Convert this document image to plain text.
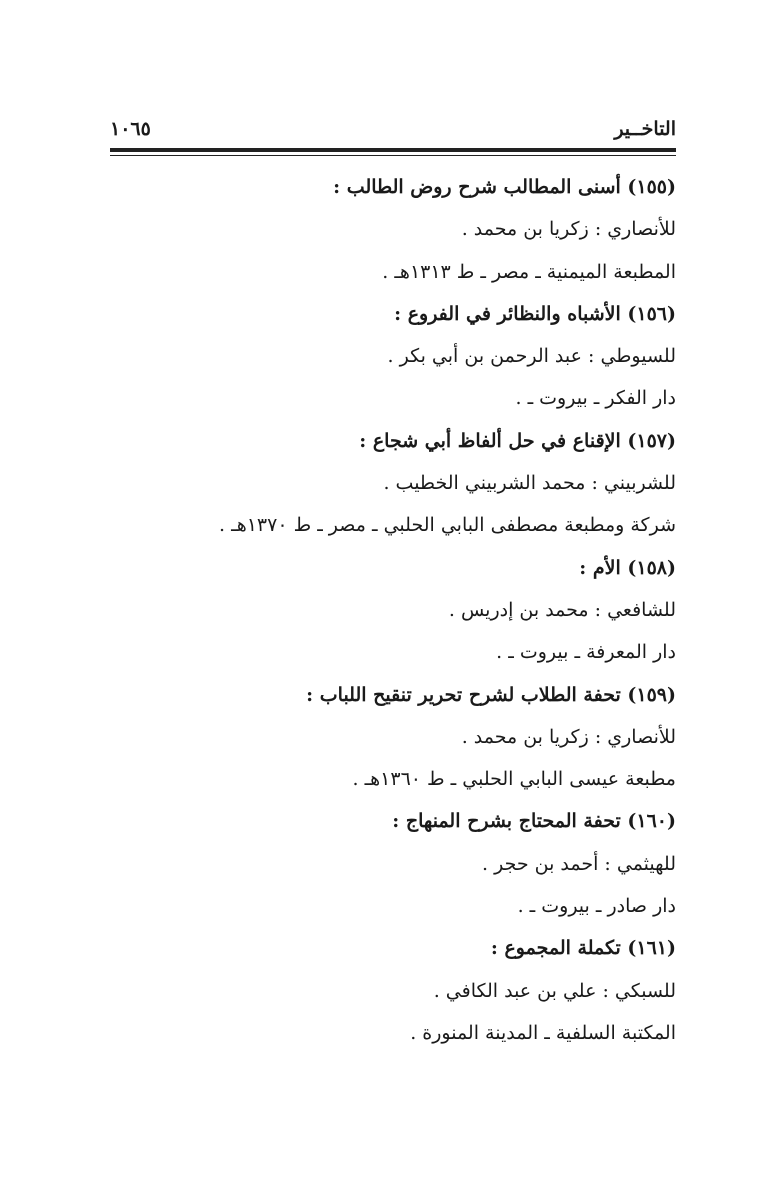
١٠٦٥	التاخــير
(١٥٥) أسنى المطالب شرح روض الطالب :
للأنصاري : زكريا بن محمد .
المطبعة الميمنية ـ مصر ـ ط ١٣١٣هـ .
(١٥٦) الأشباه والنظائر في الفروع :
للسيوطي : عبد الرحمن بن أبي بكر .
دار الفكر ـ بيروت ـ .
(١٥٧) الإقناع في حل ألفاظ أبي شجاع :
للشربيني : محمد الشربيني الخطيب .
شركة ومطبعة مصطفى البابي الحلبي ـ مصر ـ ط ١٣٧٠هـ .
(١٥٨) الأم :
للشافعي : محمد بن إدريس .
دار المعرفة ـ بيروت ـ .
(١٥٩) تحفة الطلاب لشرح تحرير تنقيح اللباب :
للأنصاري : زكريا بن محمد .
مطبعة عيسى البابي الحلبي ـ ط ١٣٦٠هـ .
(١٦٠) تحفة المحتاج بشرح المنهاج :
للهيثمي : أحمد بن حجر .
دار صادر ـ بيروت ـ .
(١٦١) تكملة المجموع :
للسبكي : علي بن عبد الكافي .
المكتبة السلفية ـ المدينة المنورة .
